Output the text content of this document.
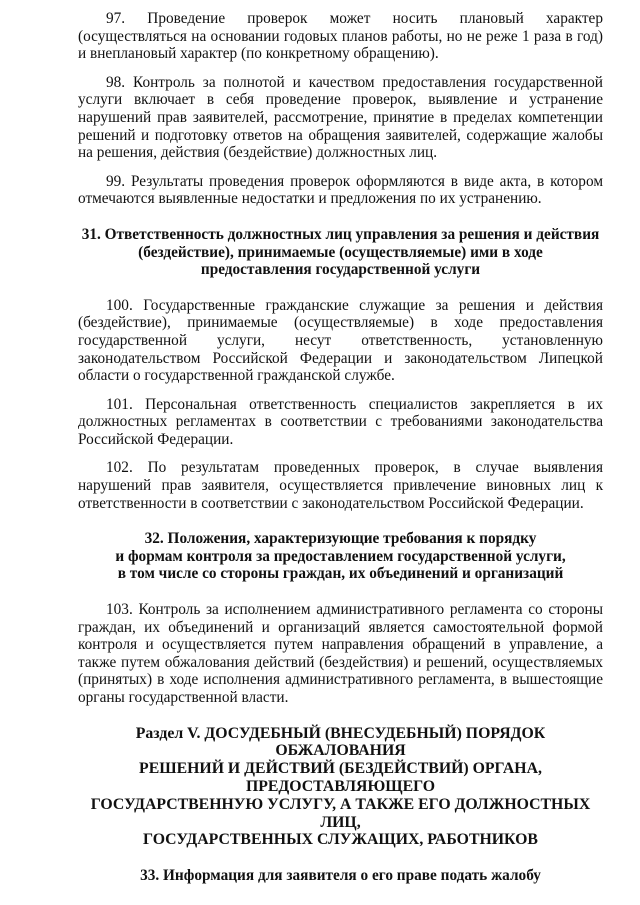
97. Проведение проверок может носить плановый характер (осуществляться на основании годовых планов работы, но не реже 1 раза в год) и внеплановый характер (по конкретному обращению).

98. Контроль за полнотой и качеством предоставления государственной услуги включает в себя проведение проверок, выявление и устранение нарушений прав заявителей, рассмотрение, принятие в пределах компетенции решений и подготовку ответов на обращения заявителей, содержащие жалобы на решения, действия (бездействие) должностных лиц.

99. Результаты проведения проверок оформляются в виде акта, в котором отмечаются выявленные недостатки и предложения по их устранению.

31. Ответственность должностных лиц управления за решения и действия

(бездействие), принимаемые (осуществляемые) ими в ходе

предоставления государственной услуги

100. Государственные гражданские служащие за решения и действия (бездействие), принимаемые (осуществляемые) в ходе предоставления государственной услуги, несут ответственность, установленную законодательством Российской Федерации и законодательством Липецкой области о государственной гражданской службе.

101. Персональная ответственность специалистов закрепляется в их должностных регламентах в соответствии с требованиями законодательства Российской Федерации.

102. По результатам проведенных проверок, в случае выявления нарушений прав заявителя, осуществляется привлечение виновных лиц к ответственности в соответствии с законодательством Российской Федерации.

32. Положения, характеризующие требования к порядку

и формам контроля за предоставлением государственной услуги,

в том числе со стороны граждан, их объединений и организаций

103. Контроль за исполнением административного регламента со стороны граждан, их объединений и организаций является самостоятельной формой контроля и осуществляется путем направления обращений в управление, а также путем обжалования действий (бездействия) и решений, осуществляемых (принятых) в ходе исполнения административного регламента, в вышестоящие органы государственной власти.

Раздел V. ДОСУДЕБНЫЙ (ВНЕСУДЕБНЫЙ) ПОРЯДОК ОБЖАЛОВАНИЯ

РЕШЕНИЙ И ДЕЙСТВИЙ (БЕЗДЕЙСТВИЙ) ОРГАНА,

ПРЕДОСТАВЛЯЮЩЕГО

ГОСУДАРСТВЕННУЮ УСЛУГУ, А ТАКЖЕ ЕГО ДОЛЖНОСТНЫХ ЛИЦ,

ГОСУДАРСТВЕННЫХ СЛУЖАЩИХ, РАБОТНИКОВ

33. Информация для заявителя о его праве подать жалобу
